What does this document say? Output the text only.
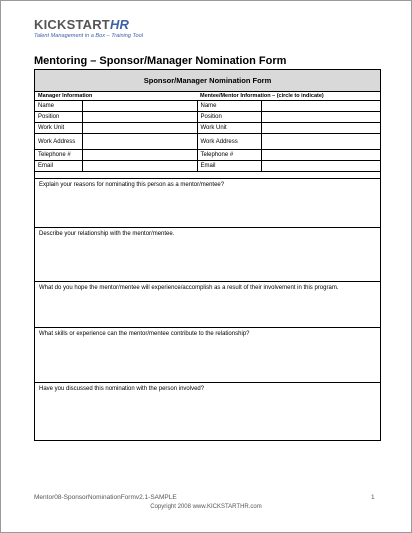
KICKSTARTHR
Talent Management in a Box – Training Tool
Mentoring – Sponsor/Manager Nomination Form
Sponsor/Manager Nomination Form
Manager Information	Mentee/Mentor Information – (circle to indicate)
Name		Name	
Position		Position	
Work Unit		Work Unit	
Work Address		Work Address	
Telephone #		Telephone #	
Email		Email	
Explain your reasons for nominating this person as a mentor/mentee?
Describe your relationship with the mentor/mentee.
What do you hope the mentor/mentee will experience/accomplish as a result of their involvement in this program.
What skills or experience can the mentor/mentee contribute to the relationship?
Have you discussed this nomination with the person involved?
Mentor08-SponsorNominationFormv2.1-SAMPLE	1
Copyright 2008 www.KICKSTARTHR.com
